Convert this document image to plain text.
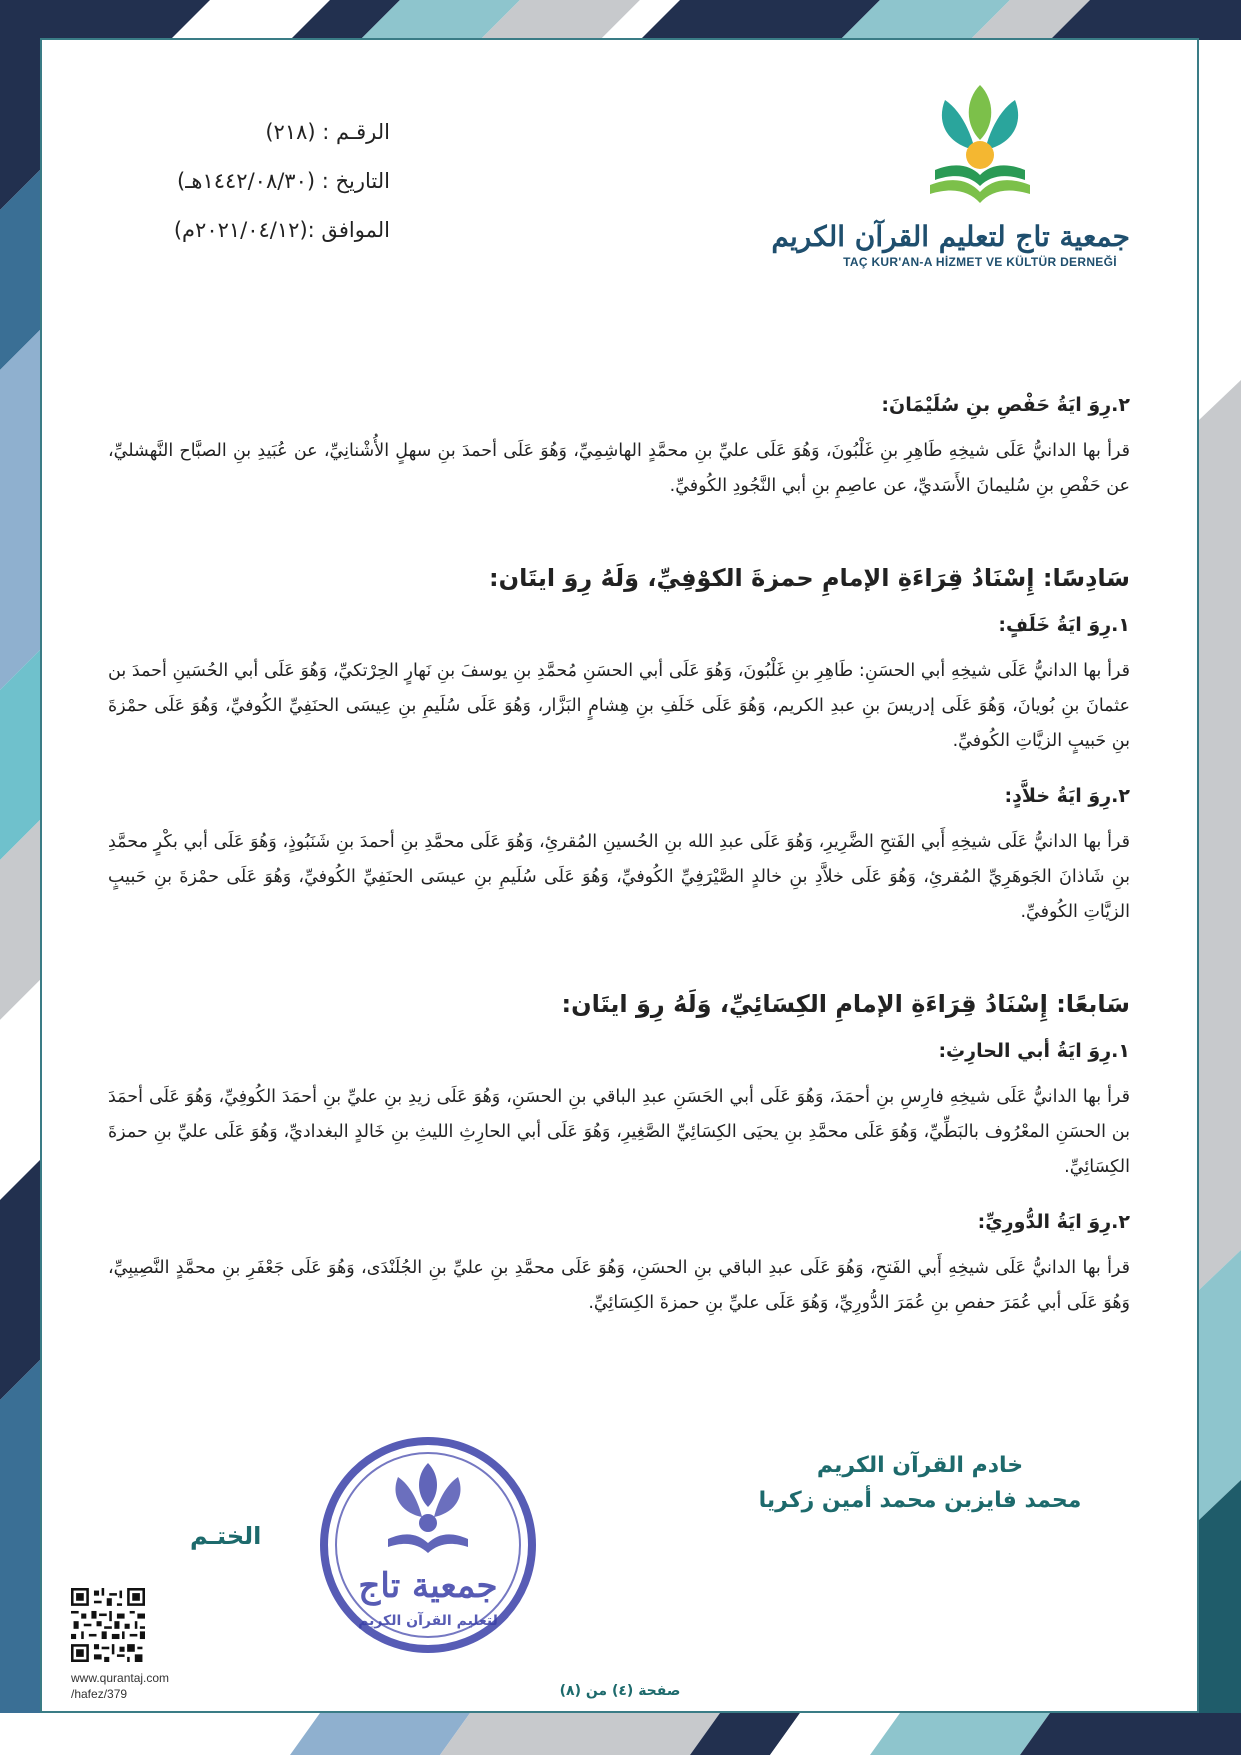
الرقـم : (٢١٨)
التاريخ : (١٤٤٢/٠٨/٣٠هـ)
الموافق :(٢٠٢١/٠٤/١٢م)	جمعية تاج لتعليم القرآن الكريم
TAÇ KUR'AN-A HİZMET VE KÜLTÜR DERNEĞİ
٢.رِوَ ايَةُ حَفْصِ بنِ سُلَيْمَانَ:

قرأ بها الدانيُّ عَلَى شيخِهِ طَاهِرِ بنِ غَلْبُونَ، وَهُوَ عَلَى عليِّ بنِ محمَّدٍ الهاشِمِيِّ، وَهُوَ عَلَى أحمدَ بنِ سهلٍ الأُشْنانِيِّ، عن عُبَيدِ بنِ الصبَّاح النَّهشليِّ، عن حَفْصِ بنِ سُليمانَ الأَسَديِّ، عن عاصِمِ بنِ أبي النَّجُودِ الكُوفيِّ.

سَادِسًا: إِسْنَادُ قِرَاءَةِ الإمامِ حمزةَ الكوْفِيِّ، وَلَهُ رِوَ ايتَان:
١.رِوَ ايَةُ خَلَفٍ:

قرأ بها الدانيُّ عَلَى شيخِهِ أبي الحسَنِ: طَاهِرِ بنِ غَلْبُونَ، وَهُوَ عَلَى أبي الحسَنِ مُحمَّدِ بنِ يوسفَ بنِ نَهارٍ الحِرْتكيِّ، وَهُوَ عَلَى أبي الحُسَينِ أحمدَ بن عثمانَ بنِ بُويانَ، وَهُوَ عَلَى إدريسَ بنِ عبدِ الكريم، وَهُوَ عَلَى خَلَفِ بنِ هِشامٍ البَزَّار، وَهُوَ عَلَى سُلَيمِ بنِ عِيسَى الحنَفِيِّ الكُوفيِّ، وَهُوَ عَلَى حمْزةَ بنِ حَبيبٍ الزيَّاتِ الكُوفيِّ.

٢.رِوَ ايَةُ خلاَّدٍ:

قرأ بها الدانيُّ عَلَى شيخِهِ أَبي الفَتحِ الضَّرِيرِ، وَهُوَ عَلَى عبدِ الله بنِ الحُسينِ المُقرئِ، وَهُوَ عَلَى محمَّدِ بنِ أحمدَ بنِ شَنَبُوذٍ، وَهُوَ عَلَى أبي بكْرٍ محمَّدِ بنِ شَاذانَ الجَوهَرِيِّ المُقرئِ، وَهُوَ عَلَى خلاَّدِ بنِ خالدٍ الصَّيْرَفِيِّ الكُوفيِّ، وَهُوَ عَلَى سُلَيمِ بنِ عيسَى الحنَفِيِّ الكُوفيِّ، وَهُوَ عَلَى حمْزةَ بنِ حَبيبٍ الزيَّاتِ الكُوفيِّ.

سَابعًا: إِسْنَادُ قِرَاءَةِ الإمامِ الكِسَائِيِّ، وَلَهُ رِوَ ايتَان:
١.رِوَ ايَةُ أبي الحارِثِ:

قرأ بها الدانيُّ عَلَى شيخِهِ فارِسِ بنِ أحمَدَ، وَهُوَ عَلَى أبي الحَسَنِ عبدِ الباقي بنِ الحسَنِ، وَهُوَ عَلَى زيدِ بنِ عليِّ بنِ أحمَدَ الكُوفِيِّ، وَهُوَ عَلَى أحمَدَ بن الحسَنِ المعْرُوف بالبَطِّيِّ، وَهُوَ عَلَى محمَّدِ بنِ يحيَى الكِسَائِيِّ الصَّغِيرِ، وَهُوَ عَلَى أبي الحارِثِ الليثِ بنِ خَالدٍ البغداديِّ، وَهُوَ عَلَى عليِّ بنِ حمزةَ الكِسَائِيِّ.

٢.رِوَ ايَةُ الدُّورِيِّ:

قرأ بها الدانيُّ عَلَى شيخِهِ أَبي الفَتحِ، وَهُوَ عَلَى عبدِ الباقي بنِ الحسَنِ، وَهُوَ عَلَى محمَّدِ بنِ عليِّ بنِ الجُلَنْدَى، وَهُوَ عَلَى جَعْفَرِ بنِ محمَّدٍ النَّصِيبِيِّ، وَهُوَ عَلَى أبي عُمَرَ حفصِ بنِ عُمَرَ الدُّورِيِّ، وَهُوَ عَلَى عليِّ بنِ حمزةَ الكِسَائِيِّ.

خادم القرآن الكريم
محمد فايزبن محمد أمين زكريا
الختـم
جمعية تاج
لتعليم القرآن الكريم
www.qurantaj.com
/hafez/379	صفحة (٤) من (٨)
